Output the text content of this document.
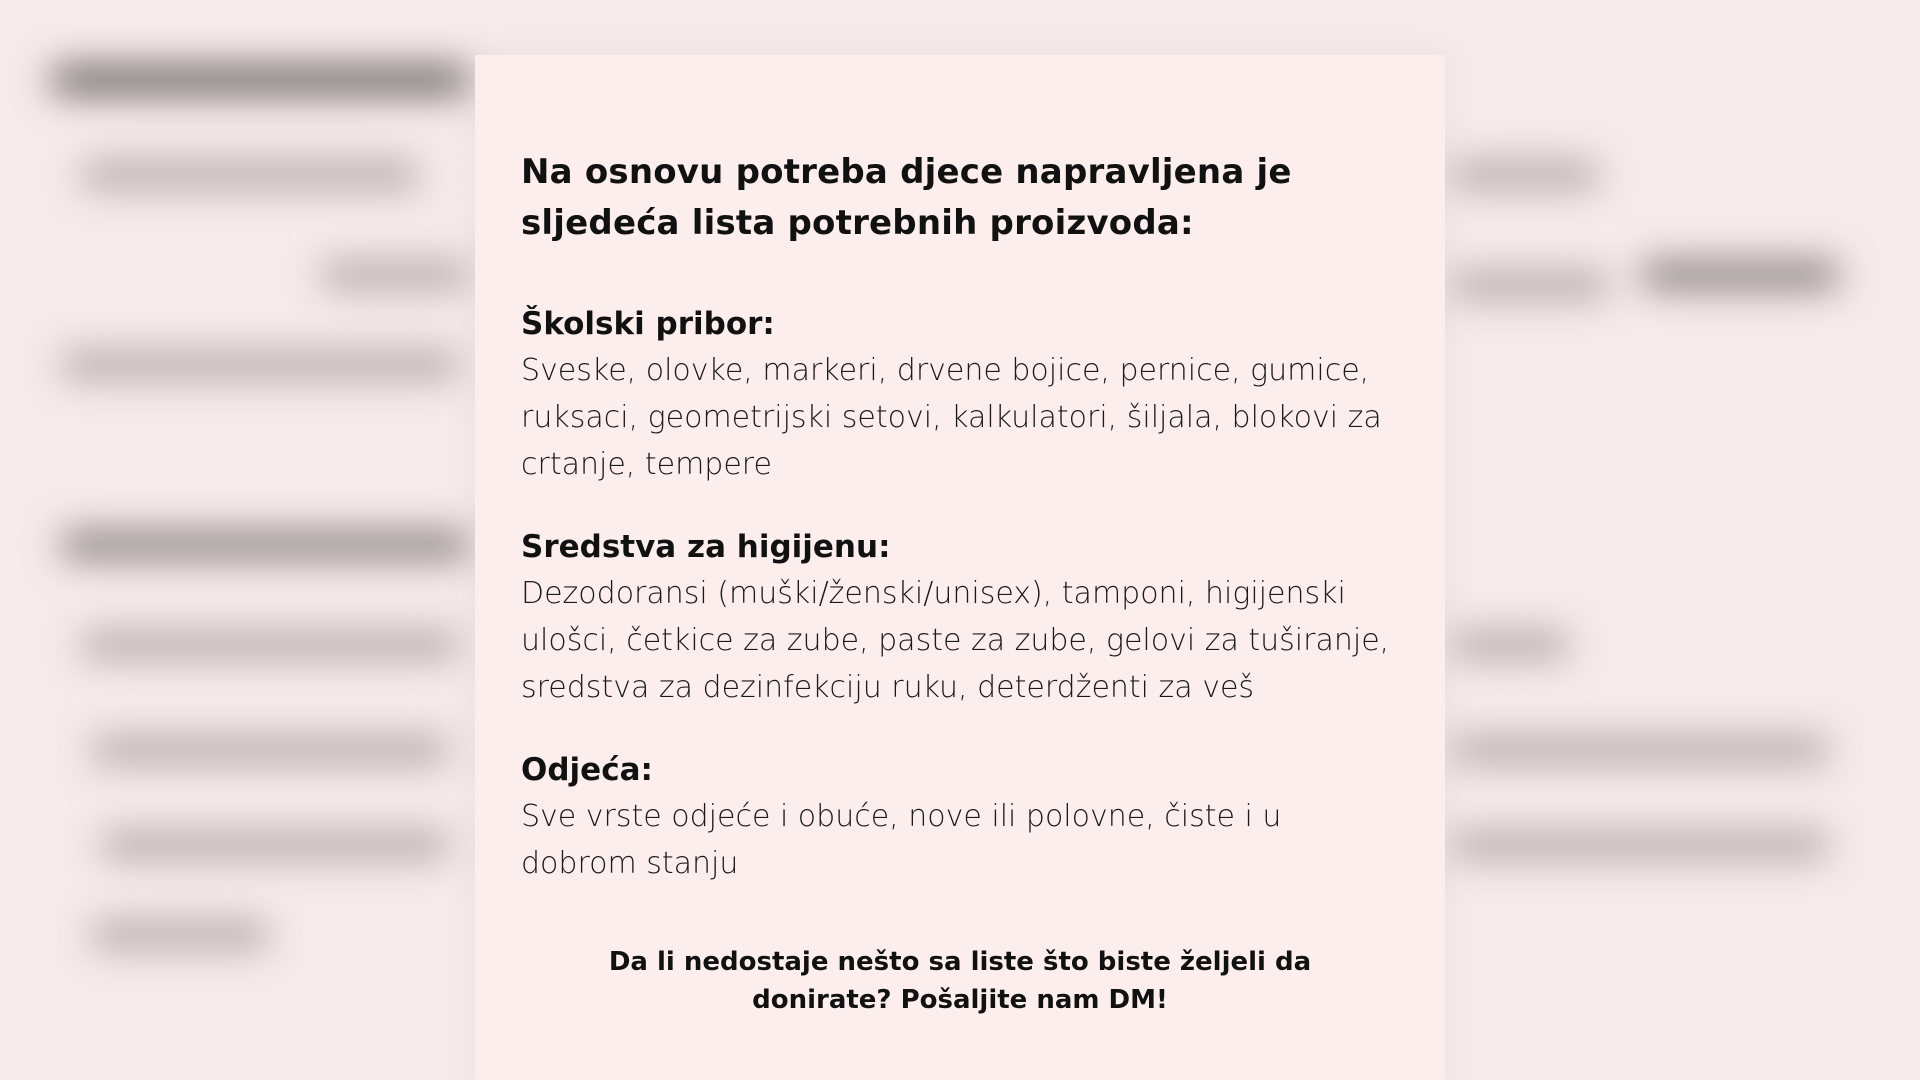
Na osnovu potreba djece napravljena je sljedeća lista potrebnih proizvoda:

Školski pribor:

Sveske, olovke, markeri, drvene bojice, pernice, gumice, ruksaci, geometrijski setovi, kalkulatori, šiljala, blokovi za crtanje, tempere

Sredstva za higijenu:

Dezodoransi (muški/ženski/unisex), tamponi, higijenski ulošci, četkice za zube, paste za zube, gelovi za tuširanje, sredstva za dezinfekciju ruku, deterdženti za veš

Odjeća:

Sve vrste odjeće i obuće, nove ili polovne, čiste i u dobrom stanju

Da li nedostaje nešto sa liste što biste željeli da donirate? Pošaljite nam DM!
